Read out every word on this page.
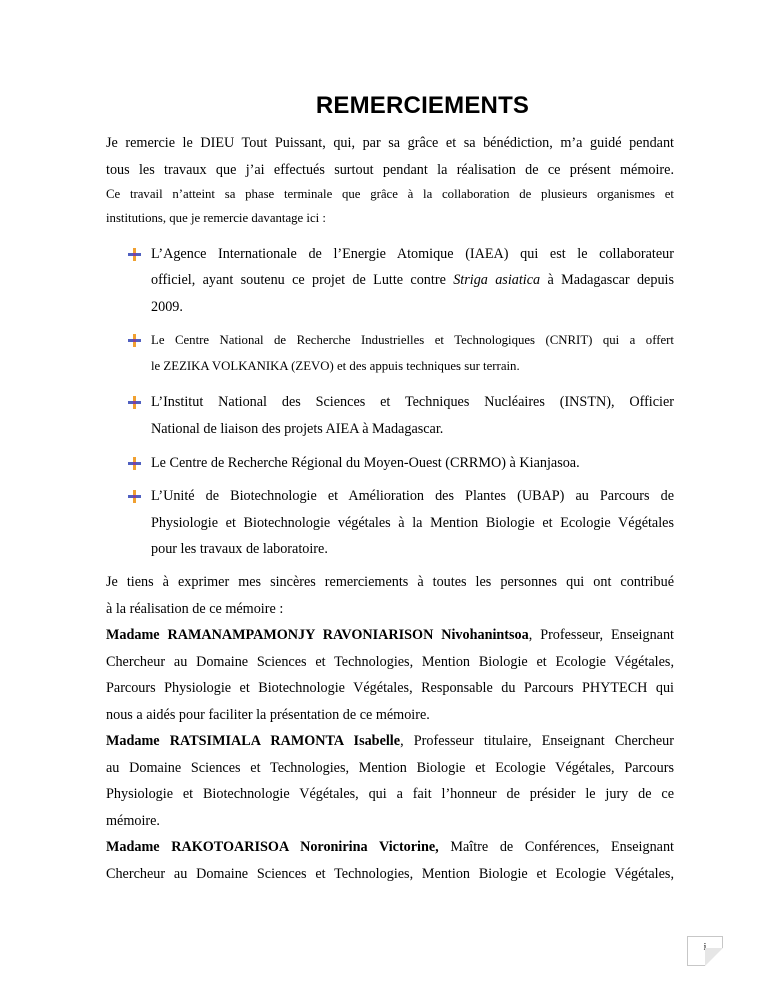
REMERCIEMENTS
Je remercie le DIEU Tout Puissant, qui, par sa grâce et sa bénédiction, m’a guidé pendant
tous les travaux que j’ai effectués surtout pendant la réalisation de ce présent mémoire.
Ce travail n’atteint sa phase terminale que grâce à la collaboration de plusieurs organismes et
institutions, que je remercie davantage ici :
L’Agence Internationale de l’Energie Atomique (IAEA) qui est le collaborateur
officiel, ayant soutenu ce projet de Lutte contre Striga asiatica à Madagascar depuis
2009.
Le Centre National de Recherche Industrielles et Technologiques (CNRIT) qui a offert
le ZEZIKA VOLKANIKA (ZEVO) et des appuis techniques sur terrain.
L’Institut National des Sciences et Techniques Nucléaires (INSTN), Officier
National de liaison des projets AIEA à Madagascar.
Le Centre de Recherche Régional du Moyen-Ouest (CRRMO) à Kianjasoa.
L’Unité de Biotechnologie et Amélioration des Plantes (UBAP) au Parcours de
Physiologie et Biotechnologie végétales à la Mention Biologie et Ecologie Végétales
pour les travaux de laboratoire.
Je tiens à exprimer mes sincères remerciements à toutes les personnes qui ont contribué
à la réalisation de ce mémoire :
Madame RAMANAMPAMONJY RAVONIARISON Nivohanintsoa, Professeur, Enseignant
Chercheur au Domaine Sciences et Technologies, Mention Biologie et Ecologie Végétales,
Parcours Physiologie et Biotechnologie Végétales, Responsable du Parcours PHYTECH qui
nous a aidés pour faciliter la présentation de ce mémoire.
Madame RATSIMIALA RAMONTA Isabelle, Professeur titulaire, Enseignant Chercheur
au Domaine Sciences et Technologies, Mention Biologie et Ecologie Végétales, Parcours
Physiologie et Biotechnologie Végétales, qui a fait l’honneur de présider le jury de ce
mémoire.
Madame RAKOTOARISOA Noronirina Victorine, Maître de Conférences, Enseignant
Chercheur au Domaine Sciences et Technologies, Mention Biologie et Ecologie Végétales,
i
